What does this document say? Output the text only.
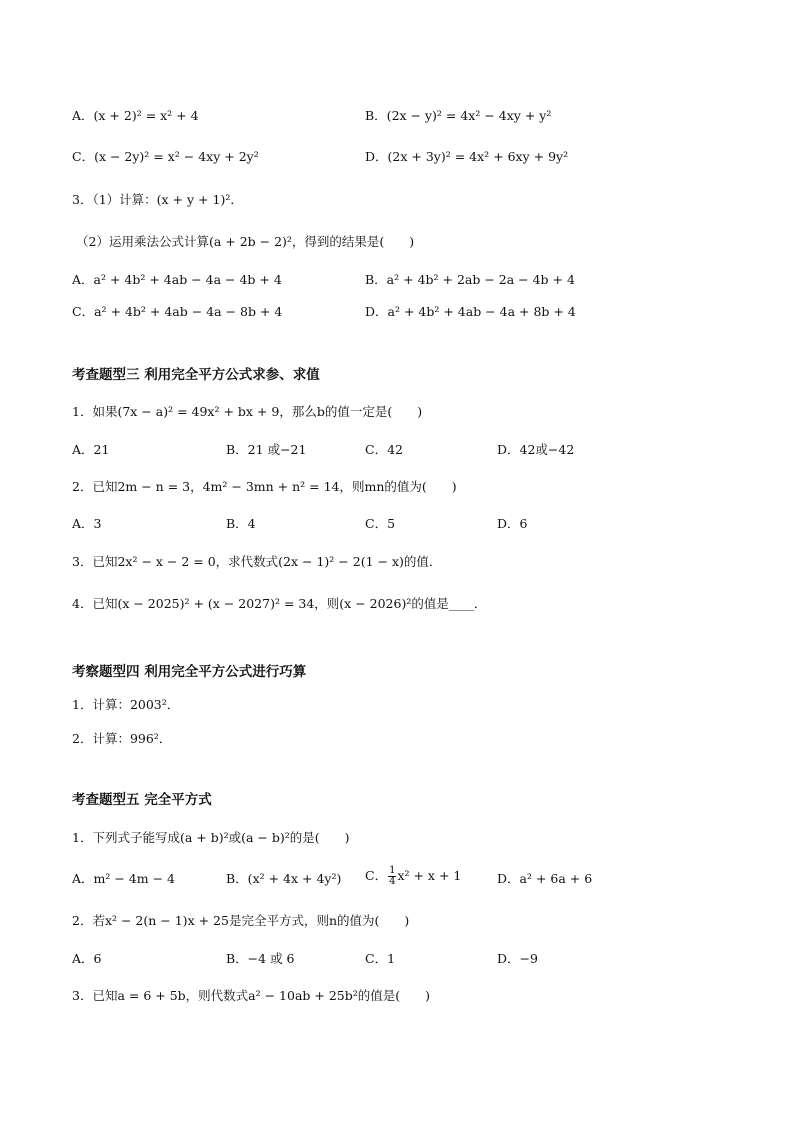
A．(x + 2)² = x² + 4	B．(2x − y)² = 4x² − 4xy + y²
C．(x − 2y)² = x² − 4xy + 2y²	D．(2x + 3y)² = 4x² + 6xy + 9y²
3．（1）计算：(x + y + 1)²．
（2）运用乘法公式计算(a + 2b − 2)²，得到的结果是(　　)
A．a² + 4b² + 4ab − 4a − 4b + 4	B．a² + 4b² + 2ab − 2a − 4b + 4
C．a² + 4b² + 4ab − 4a − 8b + 4	D．a² + 4b² + 4ab − 4a + 8b + 4
考查题型三 利用完全平方公式求参、求值
1．如果(7x − a)² = 49x² + bx + 9，那么b的值一定是(　　)
A．21	B．21 或−21	C．42	D．42或−42
2．已知2m − n = 3，4m² − 3mn + n² = 14，则mn的值为(　　)
A．3	B．4	C．5	D．6
3．已知2x² − x − 2 = 0，求代数式(2x − 1)² − 2(1 − x)的值．
4．已知(x − 2025)² + (x − 2027)² = 34，则(x − 2026)²的值是____．
考察题型四 利用完全平方公式进行巧算
1．计算：2003²．
2．计算：996²．
考查题型五 完全平方式
1．下列式子能写成(a + b)²或(a − b)²的是(　　)
A．m² − 4m − 4	B．(x² + 4x + 4y²) C． $\frac{1}{4} x^2 + x + 1$	D．a² + 6a + 6
2．若x² − 2(n − 1)x + 25是完全平方式，则n的值为(　　)
A．6	B．−4 或 6	C．1	D．−9
3．已知a = 6 + 5b，则代数式a² − 10ab + 25b²的值是(　　)
